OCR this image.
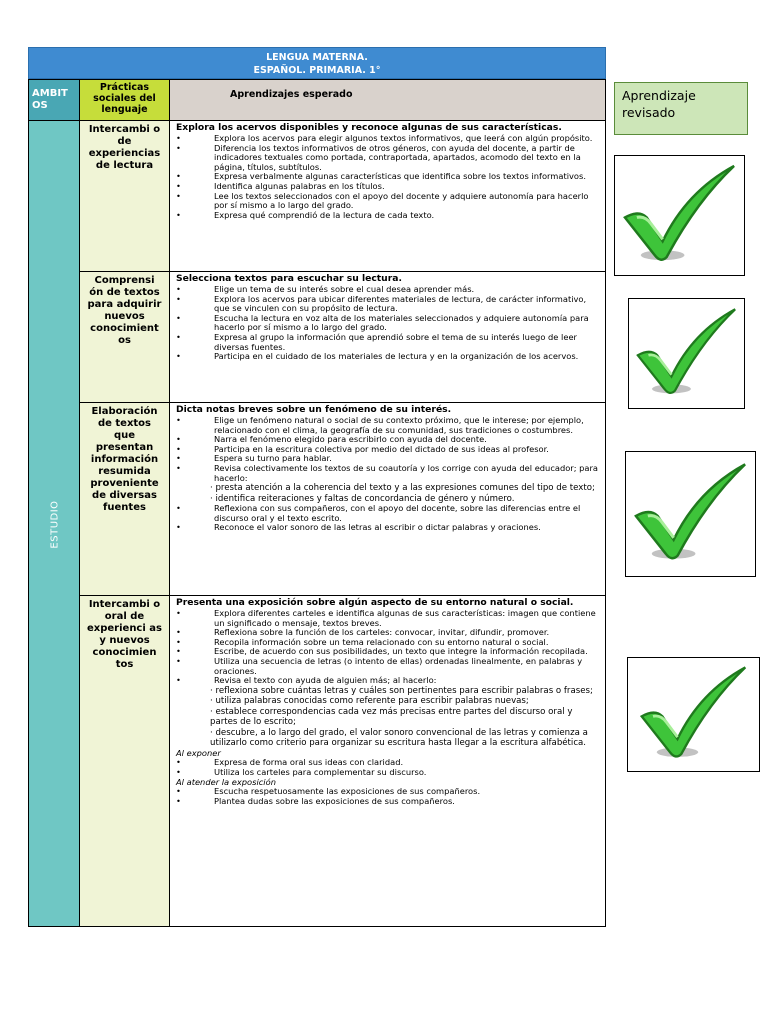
LENGUA MATERNA.
ESPAÑOL. PRIMARIA. 1°
AMBIT OS
Prácticas sociales del lenguaje
Aprendizajes esperado
ESTUDIO
Intercambi o de experiencias de lectura
Explora los acervos disponibles y reconoce algunas de sus características.
• Explora los acervos para elegir algunos textos informativos, que leerá con algún propósito.
• Diferencia los textos informativos de otros géneros, con ayuda del docente, a partir de indicadores textuales como portada, contraportada, apartados, acomodo del texto en la página, títulos, subtítulos.
• Expresa verbalmente algunas características que identifica sobre los textos informativos.
• Identifica algunas palabras en los títulos.
• Lee los textos seleccionados con el apoyo del docente y adquiere autonomía para hacerlo por sí mismo a lo largo del grado.
• Expresa qué comprendió de la lectura de cada texto.
Comprensi ón de textos para adquirir nuevos conocimient os
Selecciona textos para escuchar su lectura.
• Elige un tema de su interés sobre el cual desea aprender más.
• Explora los acervos para ubicar diferentes materiales de lectura, de carácter informativo, que se vinculen con su propósito de lectura.
• Escucha la lectura en voz alta de los materiales seleccionados y adquiere autonomía para hacerlo por sí mismo a lo largo del grado.
• Expresa al grupo la información que aprendió sobre el tema de su interés luego de leer diversas fuentes.
• Participa en el cuidado de los materiales de lectura y en la organización de los acervos.
Elaboración de textos que presentan información resumida proveniente de diversas fuentes
Dicta notas breves sobre un fenómeno de su interés.
• Elige un fenómeno natural o social de su contexto próximo, que le interese; por ejemplo, relacionado con el clima, la geografía de su comunidad, sus tradiciones o costumbres.
• Narra el fenómeno elegido para escribirlo con ayuda del docente.
• Participa en la escritura colectiva por medio del dictado de sus ideas al profesor.
• Espera su turno para hablar.
• Revisa colectivamente los textos de su coautoría y los corrige con ayuda del educador; para hacerlo:
· presta atención a la coherencia del texto y a las expresiones comunes del tipo de texto;
· identifica reiteraciones y faltas de concordancia de género y número.
• Reflexiona con sus compañeros, con el apoyo del docente, sobre las diferencias entre el discurso oral y el texto escrito.
• Reconoce el valor sonoro de las letras al escribir o dictar palabras y oraciones.
Intercambi o oral de experienci as y nuevos conocimien tos
Presenta una exposición sobre algún aspecto de su entorno natural o social.
• Explora diferentes carteles e identifica algunas de sus características: imagen que contiene un significado o mensaje, textos breves.
• Reflexiona sobre la función de los carteles: convocar, invitar, difundir, promover.
• Recopila información sobre un tema relacionado con su entorno natural o social.
• Escribe, de acuerdo con sus posibilidades, un texto que integre la información recopilada.
• Utiliza una secuencia de letras (o intento de ellas) ordenadas linealmente, en palabras y oraciones.
• Revisa el texto con ayuda de alguien más; al hacerlo:
· reflexiona sobre cuántas letras y cuáles son pertinentes para escribir palabras o frases;
· utiliza palabras conocidas como referente para escribir palabras nuevas;
· establece correspondencias cada vez más precisas entre partes del discurso oral y partes de lo escrito;
· descubre, a lo largo del grado, el valor sonoro convencional de las letras y comienza a utilizarlo como criterio para organizar su escritura hasta llegar a la escritura alfabética.
Al exponer
• Expresa de forma oral sus ideas con claridad.
• Utiliza los carteles para complementar su discurso.
Al atender la exposición
• Escucha respetuosamente las exposiciones de sus compañeros.
• Plantea dudas sobre las exposiciones de sus compañeros.
Aprendizaje revisado
